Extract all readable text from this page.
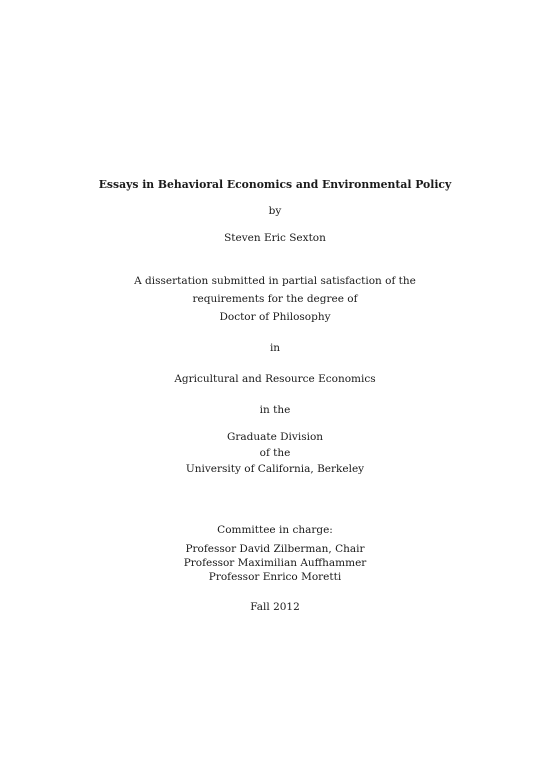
Essays in Behavioral Economics and Environmental Policy
by
Steven Eric Sexton
A dissertation submitted in partial satisfaction of the
requirements for the degree of
Doctor of Philosophy
in
Agricultural and Resource Economics
in the
Graduate Division
of the
University of California, Berkeley
Committee in charge:
Professor David Zilberman, Chair
Professor Maximilian Auffhammer
Professor Enrico Moretti
Fall 2012
